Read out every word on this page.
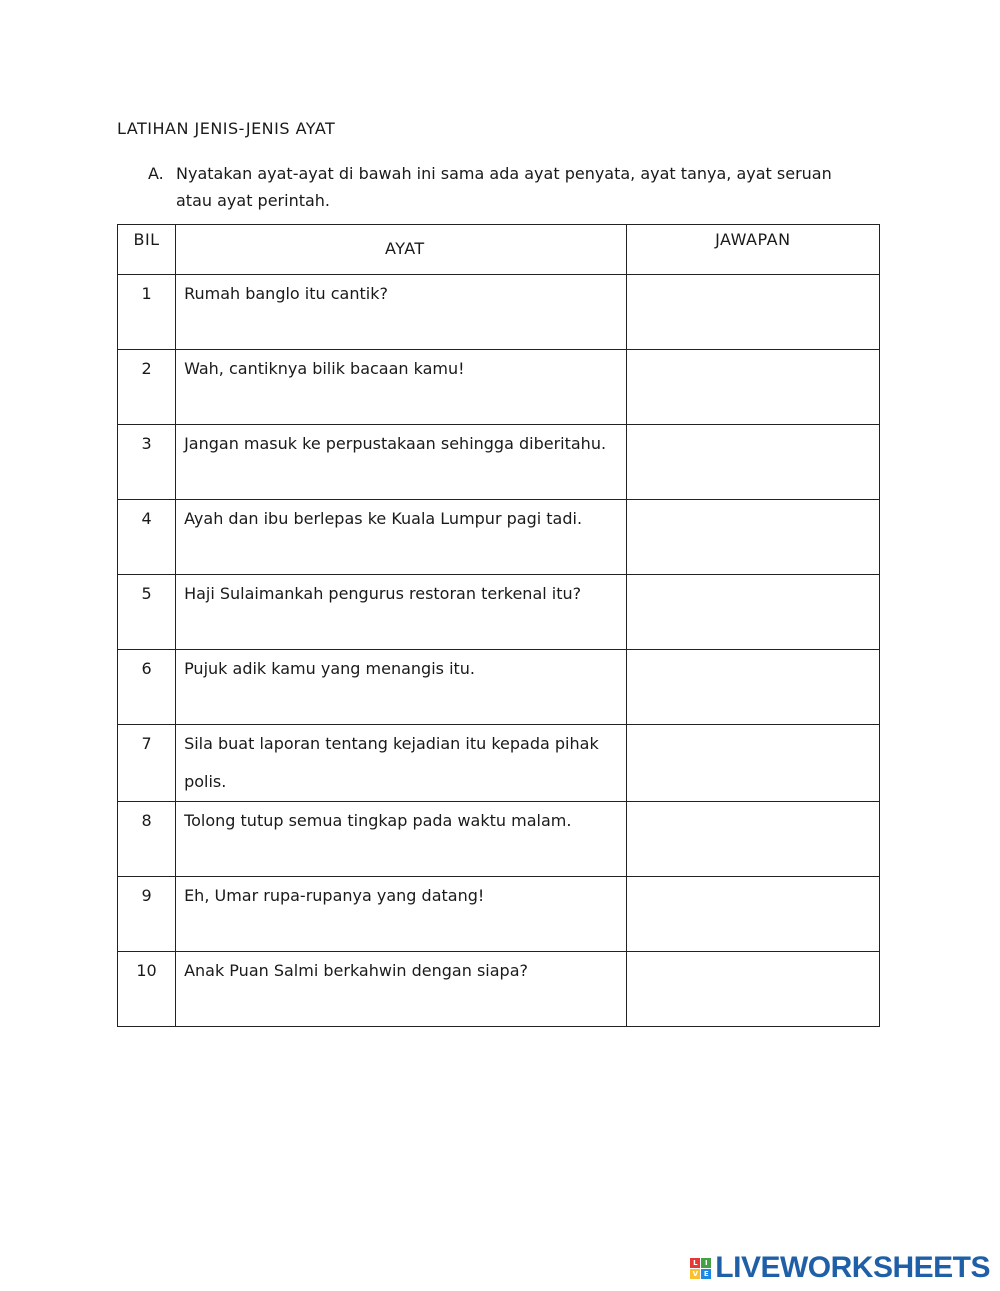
LATIHAN JENIS-JENIS AYAT
A. Nyatakan ayat-ayat di bawah ini sama ada ayat penyata, ayat tanya, ayat seruan atau ayat perintah.
BIL	AYAT	JAWAPAN
1	Rumah banglo itu cantik?	

2	Wah, cantiknya bilik bacaan kamu!	

3	Jangan masuk ke perpustakaan sehingga diberitahu.	

4	Ayah dan ibu berlepas ke Kuala Lumpur pagi tadi.	

5	Haji Sulaimankah pengurus restoran terkenal itu?	

6	Pujuk adik kamu yang menangis itu.	

7	Sila buat laporan tentang kejadian itu kepada pihak polis.	

8	Tolong tutup semua tingkap pada waktu malam.	

9	Eh, Umar rupa-rupanya yang datang!	

10	Anak Puan Salmi berkahwin dengan siapa?	
L	I
V E LIVEWORKSHEETS
